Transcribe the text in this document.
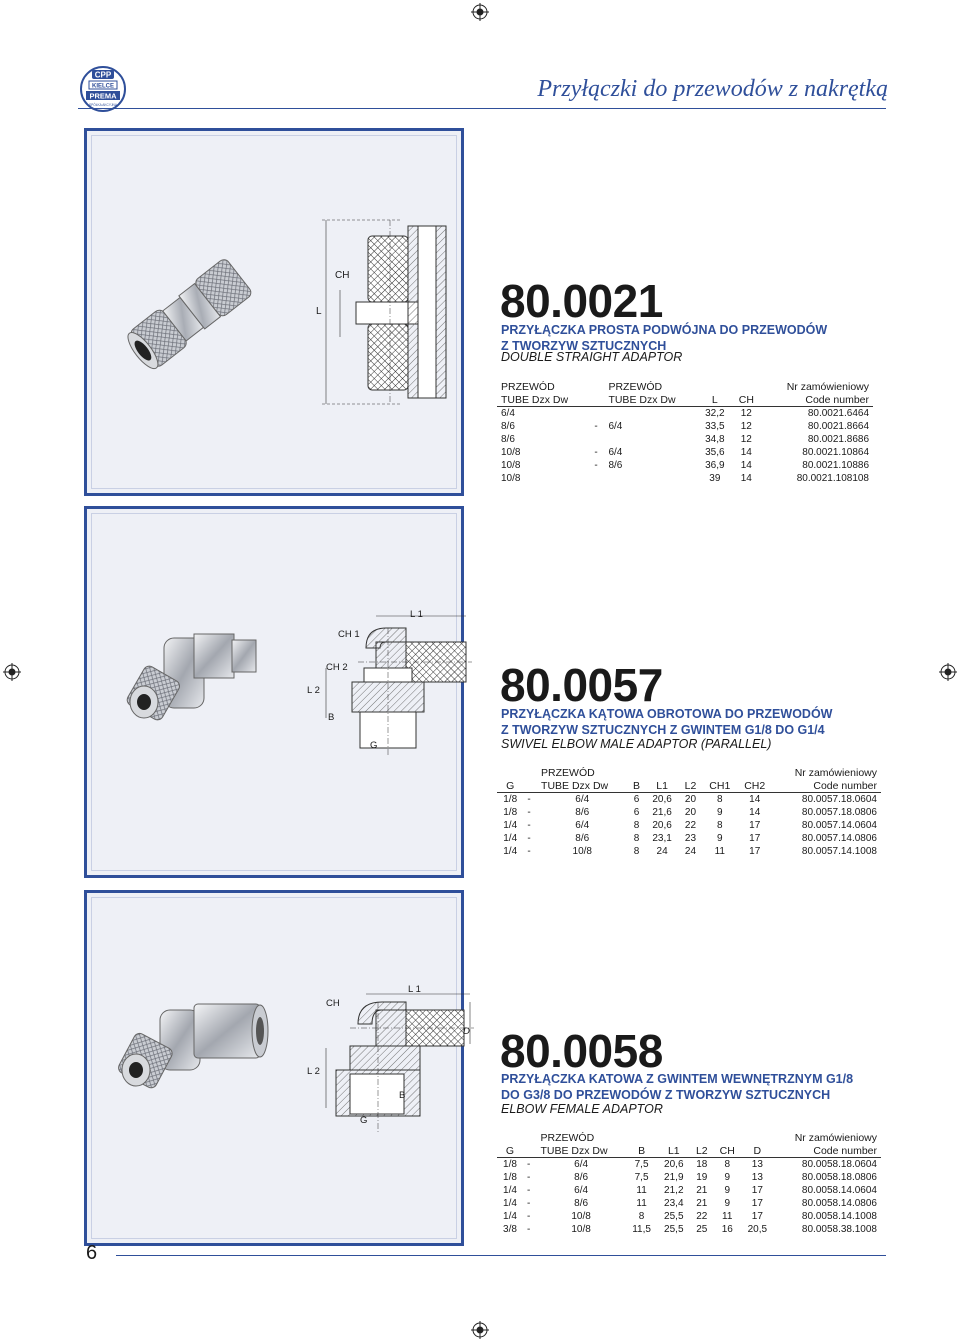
CPP
KIELCE
PREMA
SPÓŁKA AKCYJNA
Przyłączki do przewodów z nakrętką
CH
L	80.0021
PRZYŁĄCZKA PROSTA PODWÓJNA DO PRZEWODÓW
Z TWORZYW SZTUCZNYCH
DOUBLE STRAIGHT ADAPTOR
PRZEWÓD		PRZEWÓD			Nr zamówieniowy
TUBE Dzx Dw		TUBE Dzx Dw	L	CH	Code number

6/4			32,2	12	80.0021.6464
8/6	-	6/4	33,5	12	80.0021.8664
8/6			34,8	12	80.0021.8686
10/8	-	6/4	35,6	14	80.0021.10864
10/8	-	8/6	36,9	14	80.0021.10886
10/8			39	14	80.0021.108108
CH 1
L 1
CH 2
L 2
B
G
80.0057
PRZYŁĄCZKA KĄTOWA OBROTOWA DO PRZEWODÓW
Z TWORZYW SZTUCZNYCH Z GWINTEM G1/8 DO G1/4
SWIVEL ELBOW MALE ADAPTOR (PARALLEL)
		PRZEWÓD						Nr zamówieniowy
G		TUBE Dzx Dw	B	L1	L2	CH1	CH2	Code number

1/8	-	6/4	6	20,6	20	8	14	80.0057.18.0604
1/8	-	8/6	6	21,6	20	9	14	80.0057.18.0806
1/4	-	6/4	8	20,6	22	8	17	80.0057.14.0604
1/4	-	8/6	8	23,1	23	9	17	80.0057.14.0806
1/4	-	10/8	8	24	24	11	17	80.0057.14.1008
CH
L 1
D
L 2
B
G
80.0058
PRZYŁĄCZKA KATOWA Z GWINTEM WEWNĘTRZNYM G1/8
DO G3/8 DO PRZEWODÓW Z TWORZYW SZTUCZNYCH
ELBOW FEMALE ADAPTOR
		PRZEWÓD						Nr zamówieniowy
G		TUBE Dzx Dw	B	L1	L2	CH	D	Code number

1/8	-	6/4	7,5	20,6	18	8	13	80.0058.18.0604
1/8	-	8/6	7,5	21,9	19	9	13	80.0058.18.0806
1/4	-	6/4	11	21,2	21	9	17	80.0058.14.0604
1/4	-	8/6	11	23,4	21	9	17	80.0058.14.0806
1/4	-	10/8	8	25,5	22	11	17	80.0058.14.1008
3/8	-	10/8	11,5	25,5	25	16	20,5	80.0058.38.1008
6
